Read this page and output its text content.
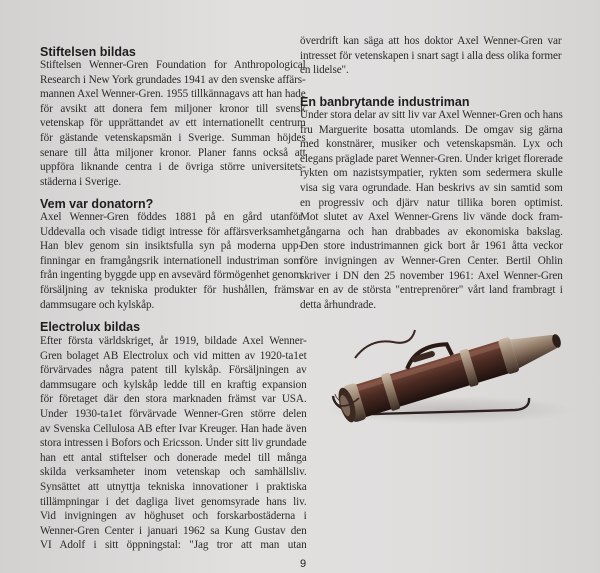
Stiftelsen bildas
Stiftelsen Wenner-Gren Foundation for Anthropological
Research i New York grundades 1941 av den svenske affärs-
mannen Axel Wenner-Gren. 1955 tillkännagavs att han hade
för avsikt att donera fem miljoner kronor till svensk
vetenskap för upprättandet av ett internationellt centrum
för gästande vetenskapsmän i Sverige. Summan höjdes
senare till åtta miljoner kronor. Planer fanns också att
uppföra liknande centra i de övriga större universitets-
städerna i Sverige.
Vem var donatorn?
Axel Wenner-Gren föddes 1881 på en gård utanför
Uddevalla och visade tidigt intresse för affärsverksamhet.
Han blev genom sin insiktsfulla syn på moderna upp-
finningar en framgångsrik internationell industriman som
från ingenting byggde upp en avsevärd förmögenhet genom
försäljning av tekniska produkter för hushållen, främst
dammsugare och kylskåp.
Electrolux bildas
Efter första världskriget, år 1919, bildade Axel Wenner-
Gren bolaget AB Electrolux och vid mitten av 1920-ta1et
förvärvades några patent till kylskåp. Försäljningen av
dammsugare och kylskåp ledde till en kraftig expansion
för företaget där den stora marknaden främst var USA.
Under 1930-ta1et förvärvade Wenner-Gren större delen
av Svenska Cellulosa AB efter Ivar Kreuger. Han hade även
stora intressen i Bofors och Ericsson. Under sitt liv grundade
han ett antal stiftelser och donerade medel till många
skilda verksamheter inom vetenskap och samhällsliv.
Synsättet att utnyttja tekniska innovationer i praktiska
tillämpningar i det dagliga livet genomsyrade hans liv.
Vid invigningen av höghuset och forskarbostäderna i
Wenner-Gren Center i januari 1962 sa Kung Gustav den
VI Adolf i sitt öppningstal: "Jag tror att man utan
överdrift kan säga att hos doktor Axel Wenner-Gren var
intresset för vetenskapen i snart sagt i alla dess olika former
en lidelse".
En banbrytande industriman
Under stora delar av sitt liv var Axel Wenner-Gren och hans
fru Marguerite bosatta utomlands. De omgav sig gärna
med konstnärer, musiker och vetenskapsmän. Lyx och
elegans präglade paret Wenner-Gren. Under kriget florerade
rykten om nazistsympatier, rykten som sedermera skulle
visa sig vara ogrundade. Han beskrivs av sin samtid som
en progressiv och djärv natur tillika boren optimist.
Mot slutet av Axel Wenner-Grens liv vände dock fram-
gångarna och han drabbades av ekonomiska bakslag.
Den store industrimannen gick bort år 1961 åtta veckor
före invigningen av Wenner-Gren Center. Bertil Ohlin
skriver i DN den 25 november 1961: Axel Wenner-Gren
var en av de största "entreprenörer" vårt land frambragt i
detta århundrade.
9
